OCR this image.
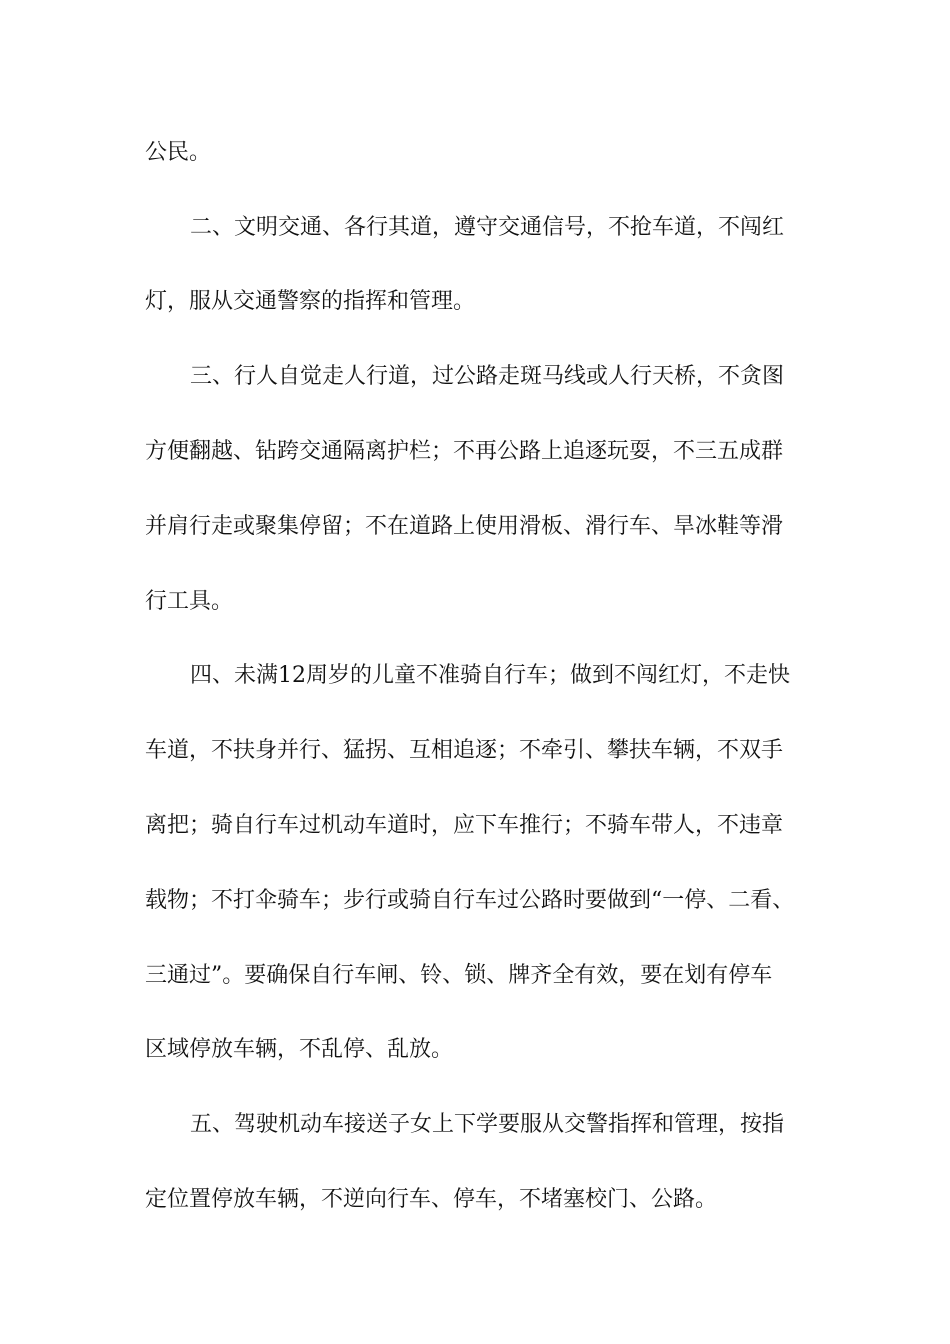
公民。
二、文明交通、各行其道，遵守交通信号，不抢车道，不闯红
灯，服从交通警察的指挥和管理。
三、行人自觉走人行道，过公路走斑马线或人行天桥，不贪图
方便翻越、钻跨交通隔离护栏；不再公路上追逐玩耍，不三五成群
并肩行走或聚集停留；不在道路上使用滑板、滑行车、旱冰鞋等滑
行工具。
四、未满12周岁的儿童不准骑自行车；做到不闯红灯，不走快
车道，不扶身并行、猛拐、互相追逐；不牵引、攀扶车辆，不双手
离把；骑自行车过机动车道时，应下车推行；不骑车带人，不违章
载物；不打伞骑车；步行或骑自行车过公路时要做到“一停、二看、
三通过”。要确保自行车闸、铃、锁、牌齐全有效，要在划有停车
区域停放车辆，不乱停、乱放。
五、驾驶机动车接送子女上下学要服从交警指挥和管理，按指
定位置停放车辆，不逆向行车、停车，不堵塞校门、公路。
